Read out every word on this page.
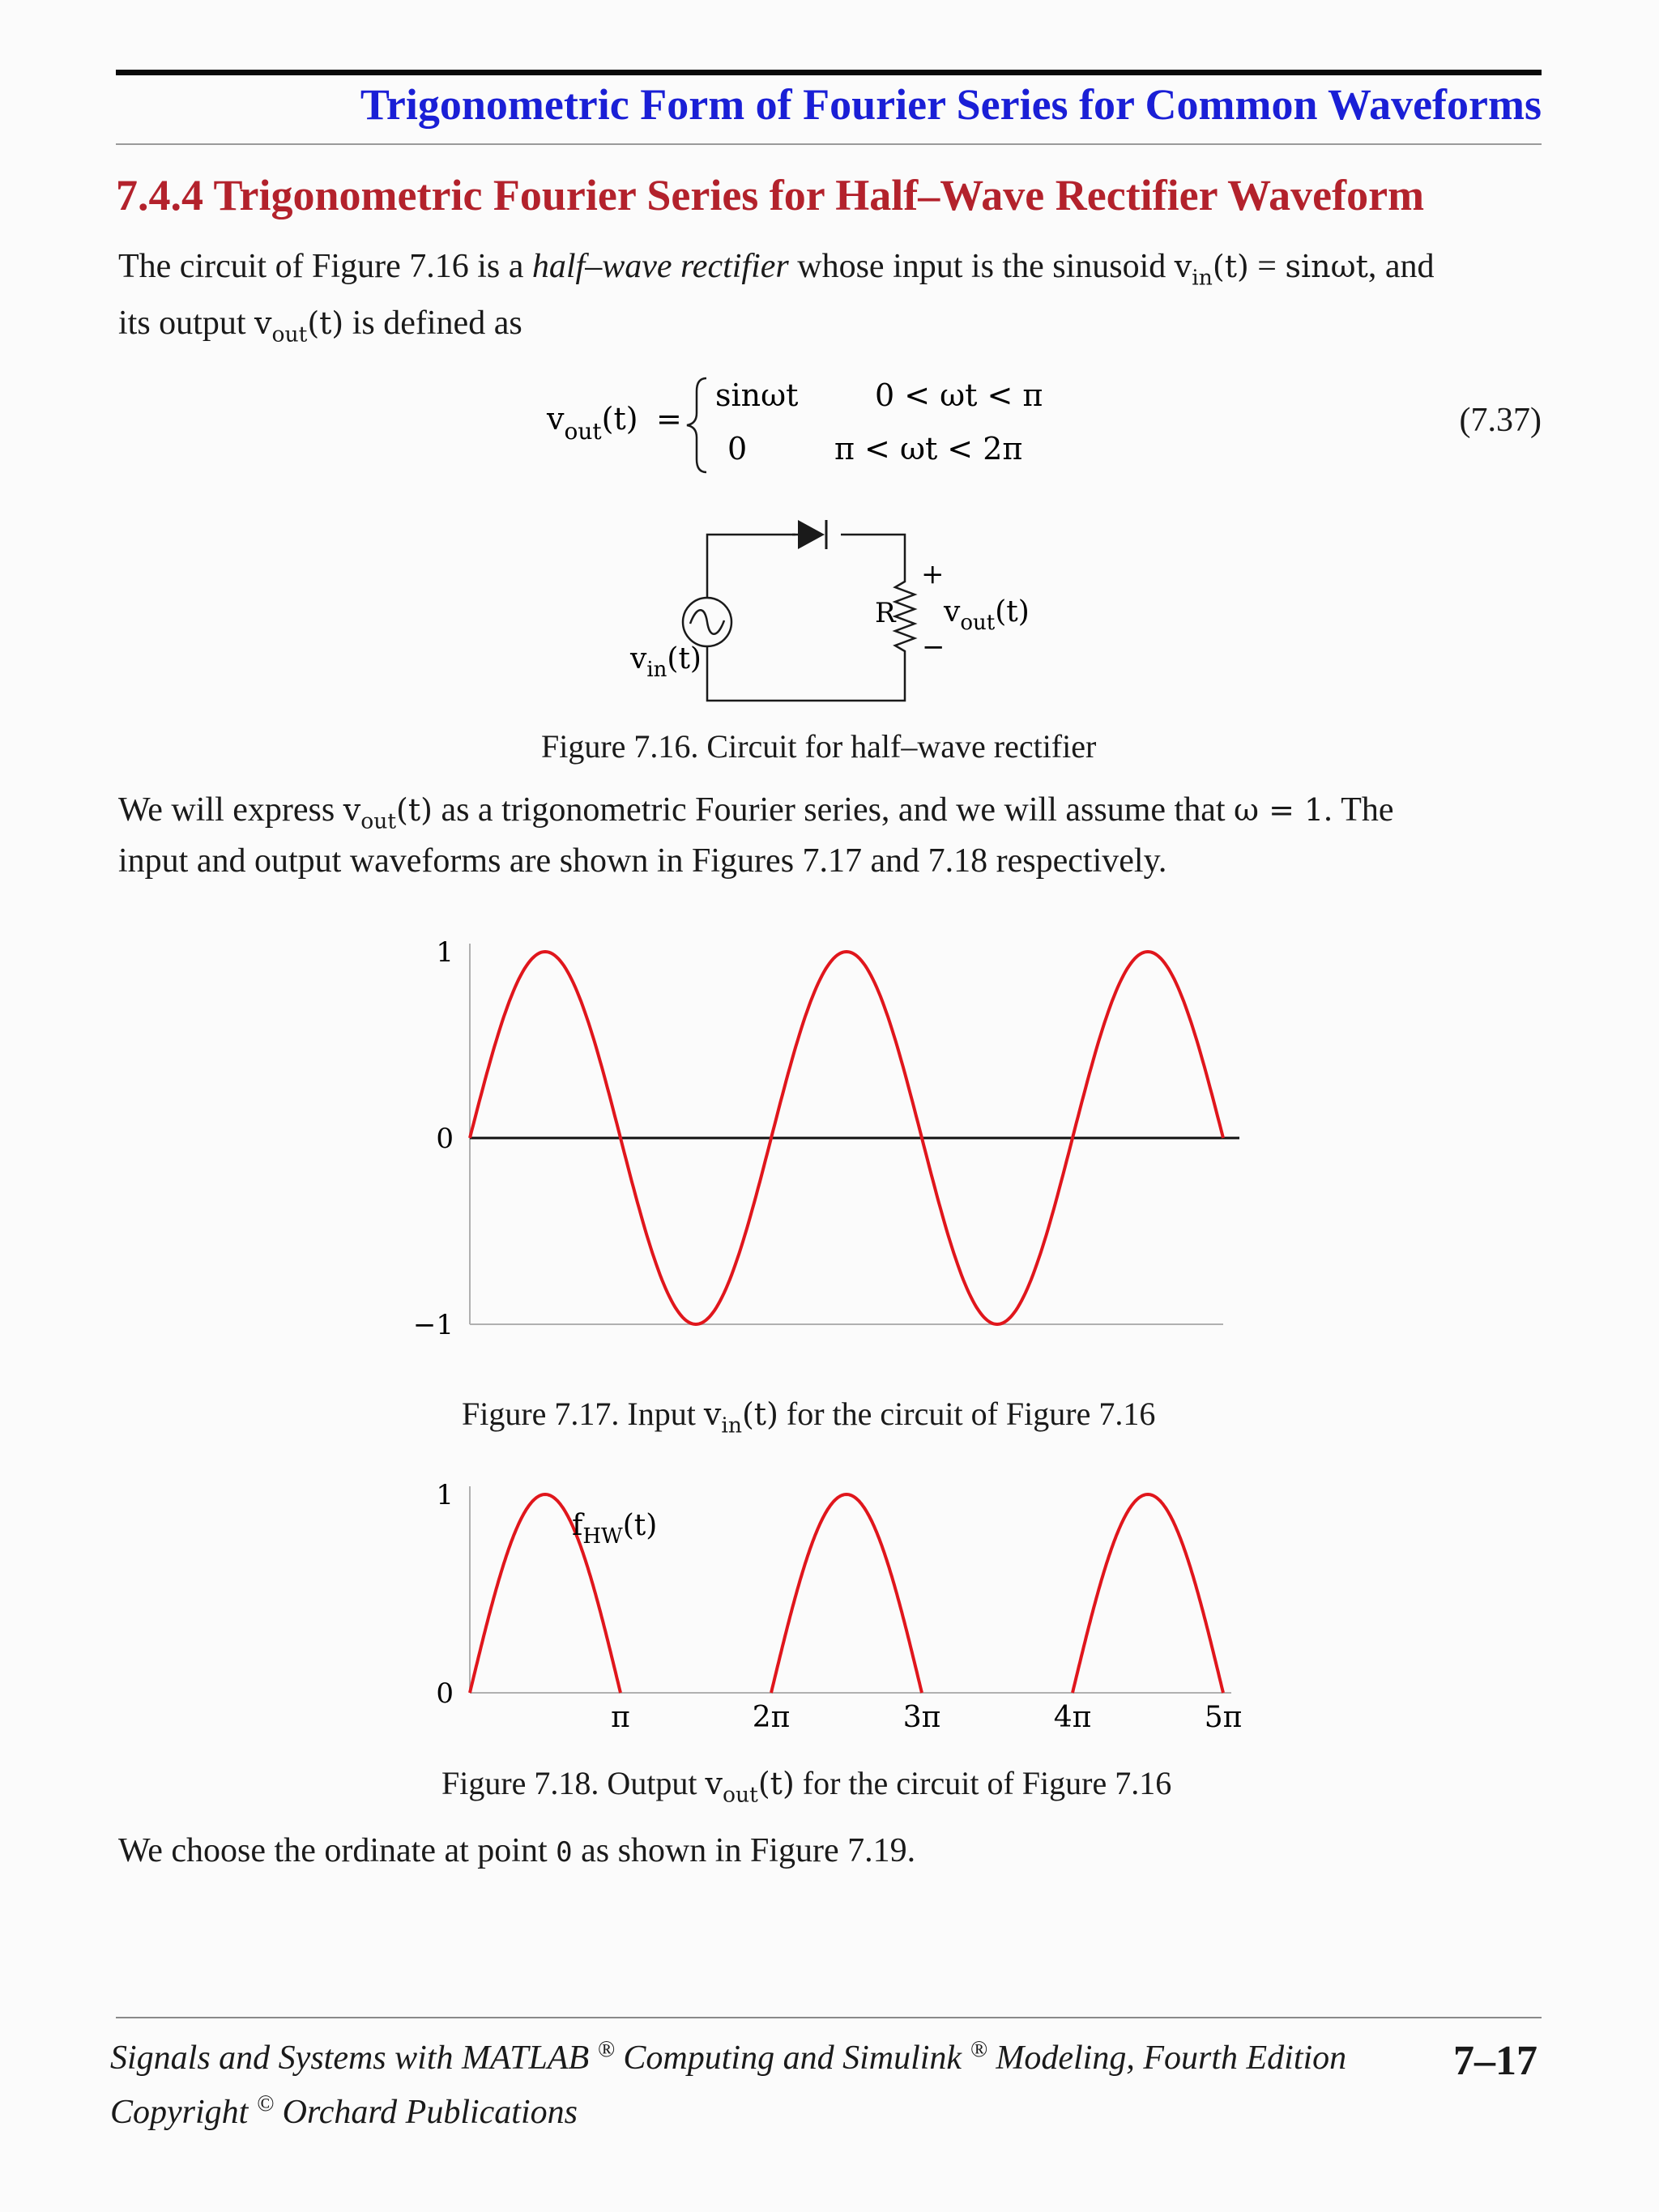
Trigonometric Form of Fourier Series for Common Waveforms
7.4.4 Trigonometric Fourier Series for Half–Wave Rectifier Waveform
The circuit of Figure 7.16 is a half–wave rectifier whose input is the sinusoid $v_{in}(t) = \sin\omega t$, and
its output $v_{out}(t)$ is defined as
$v_{out}(t)$ =
sinωt 0 < ωt < π
0	π < ωt < 2π
(7.37)
R
+
−
$v_{out}(t)$
$v_{in}(t)$
Figure 7.16. Circuit for half–wave rectifier
We will express $v_{out}(t)$ as a trigonometric Fourier series, and we will assume that ω = 1. The
input and output waveforms are shown in Figures 7.17 and 7.18 respectively.
1
0
−1
Figure 7.17. Input $v_{in}(t)$ for the circuit of Figure 7.16
1
0
π	2π	3π	4π	5π
$f_{HW}(t)$
Figure 7.18. Output $v_{out}(t)$ for the circuit of Figure 7.16
We choose the ordinate at point 0 as shown in Figure 7.19.
Signals and Systems with MATLAB ® Computing and Simulink ® Modeling, Fourth Edition
Copyright © Orchard Publications
7–17
